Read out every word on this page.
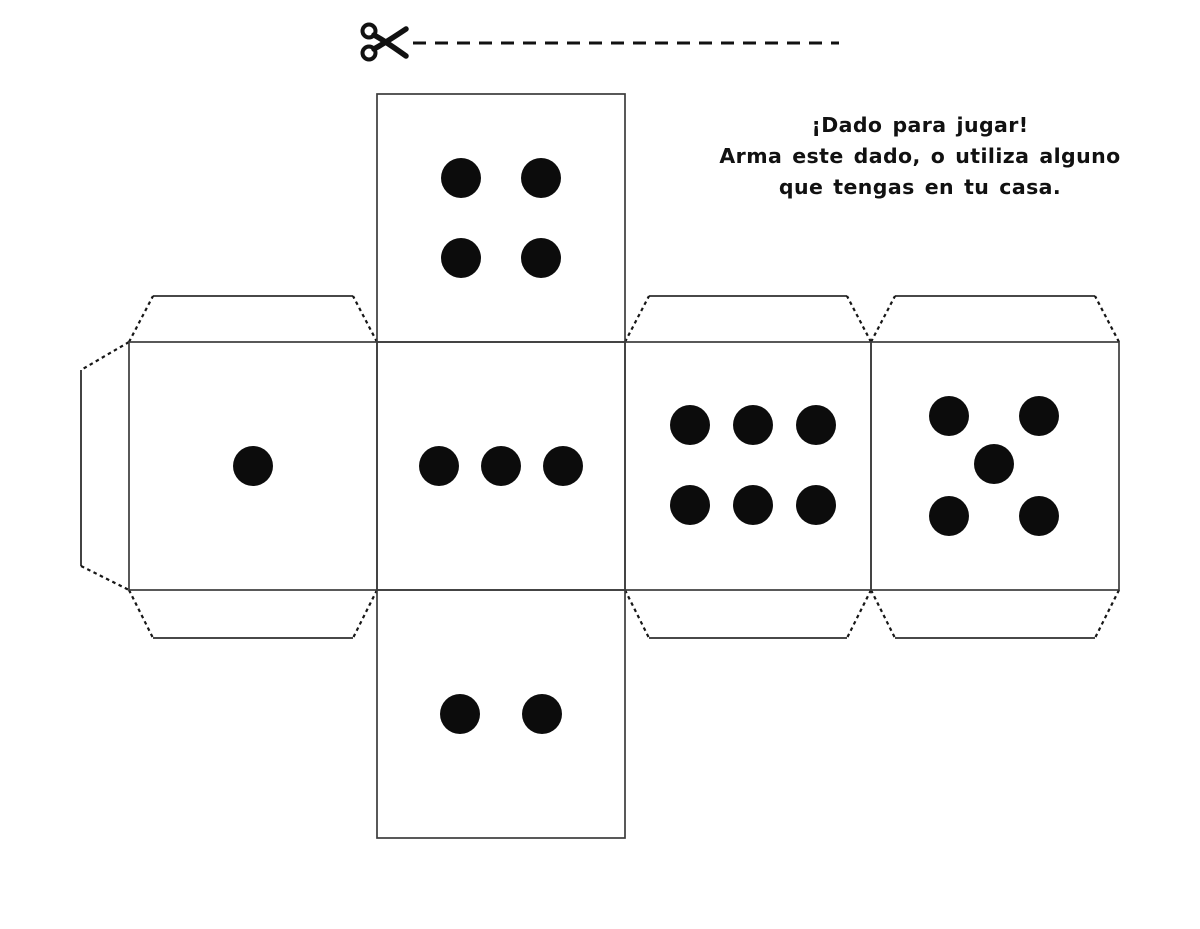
¡Dado para jugar!
Arma este dado, o utiliza alguno
que tengas en tu casa.
